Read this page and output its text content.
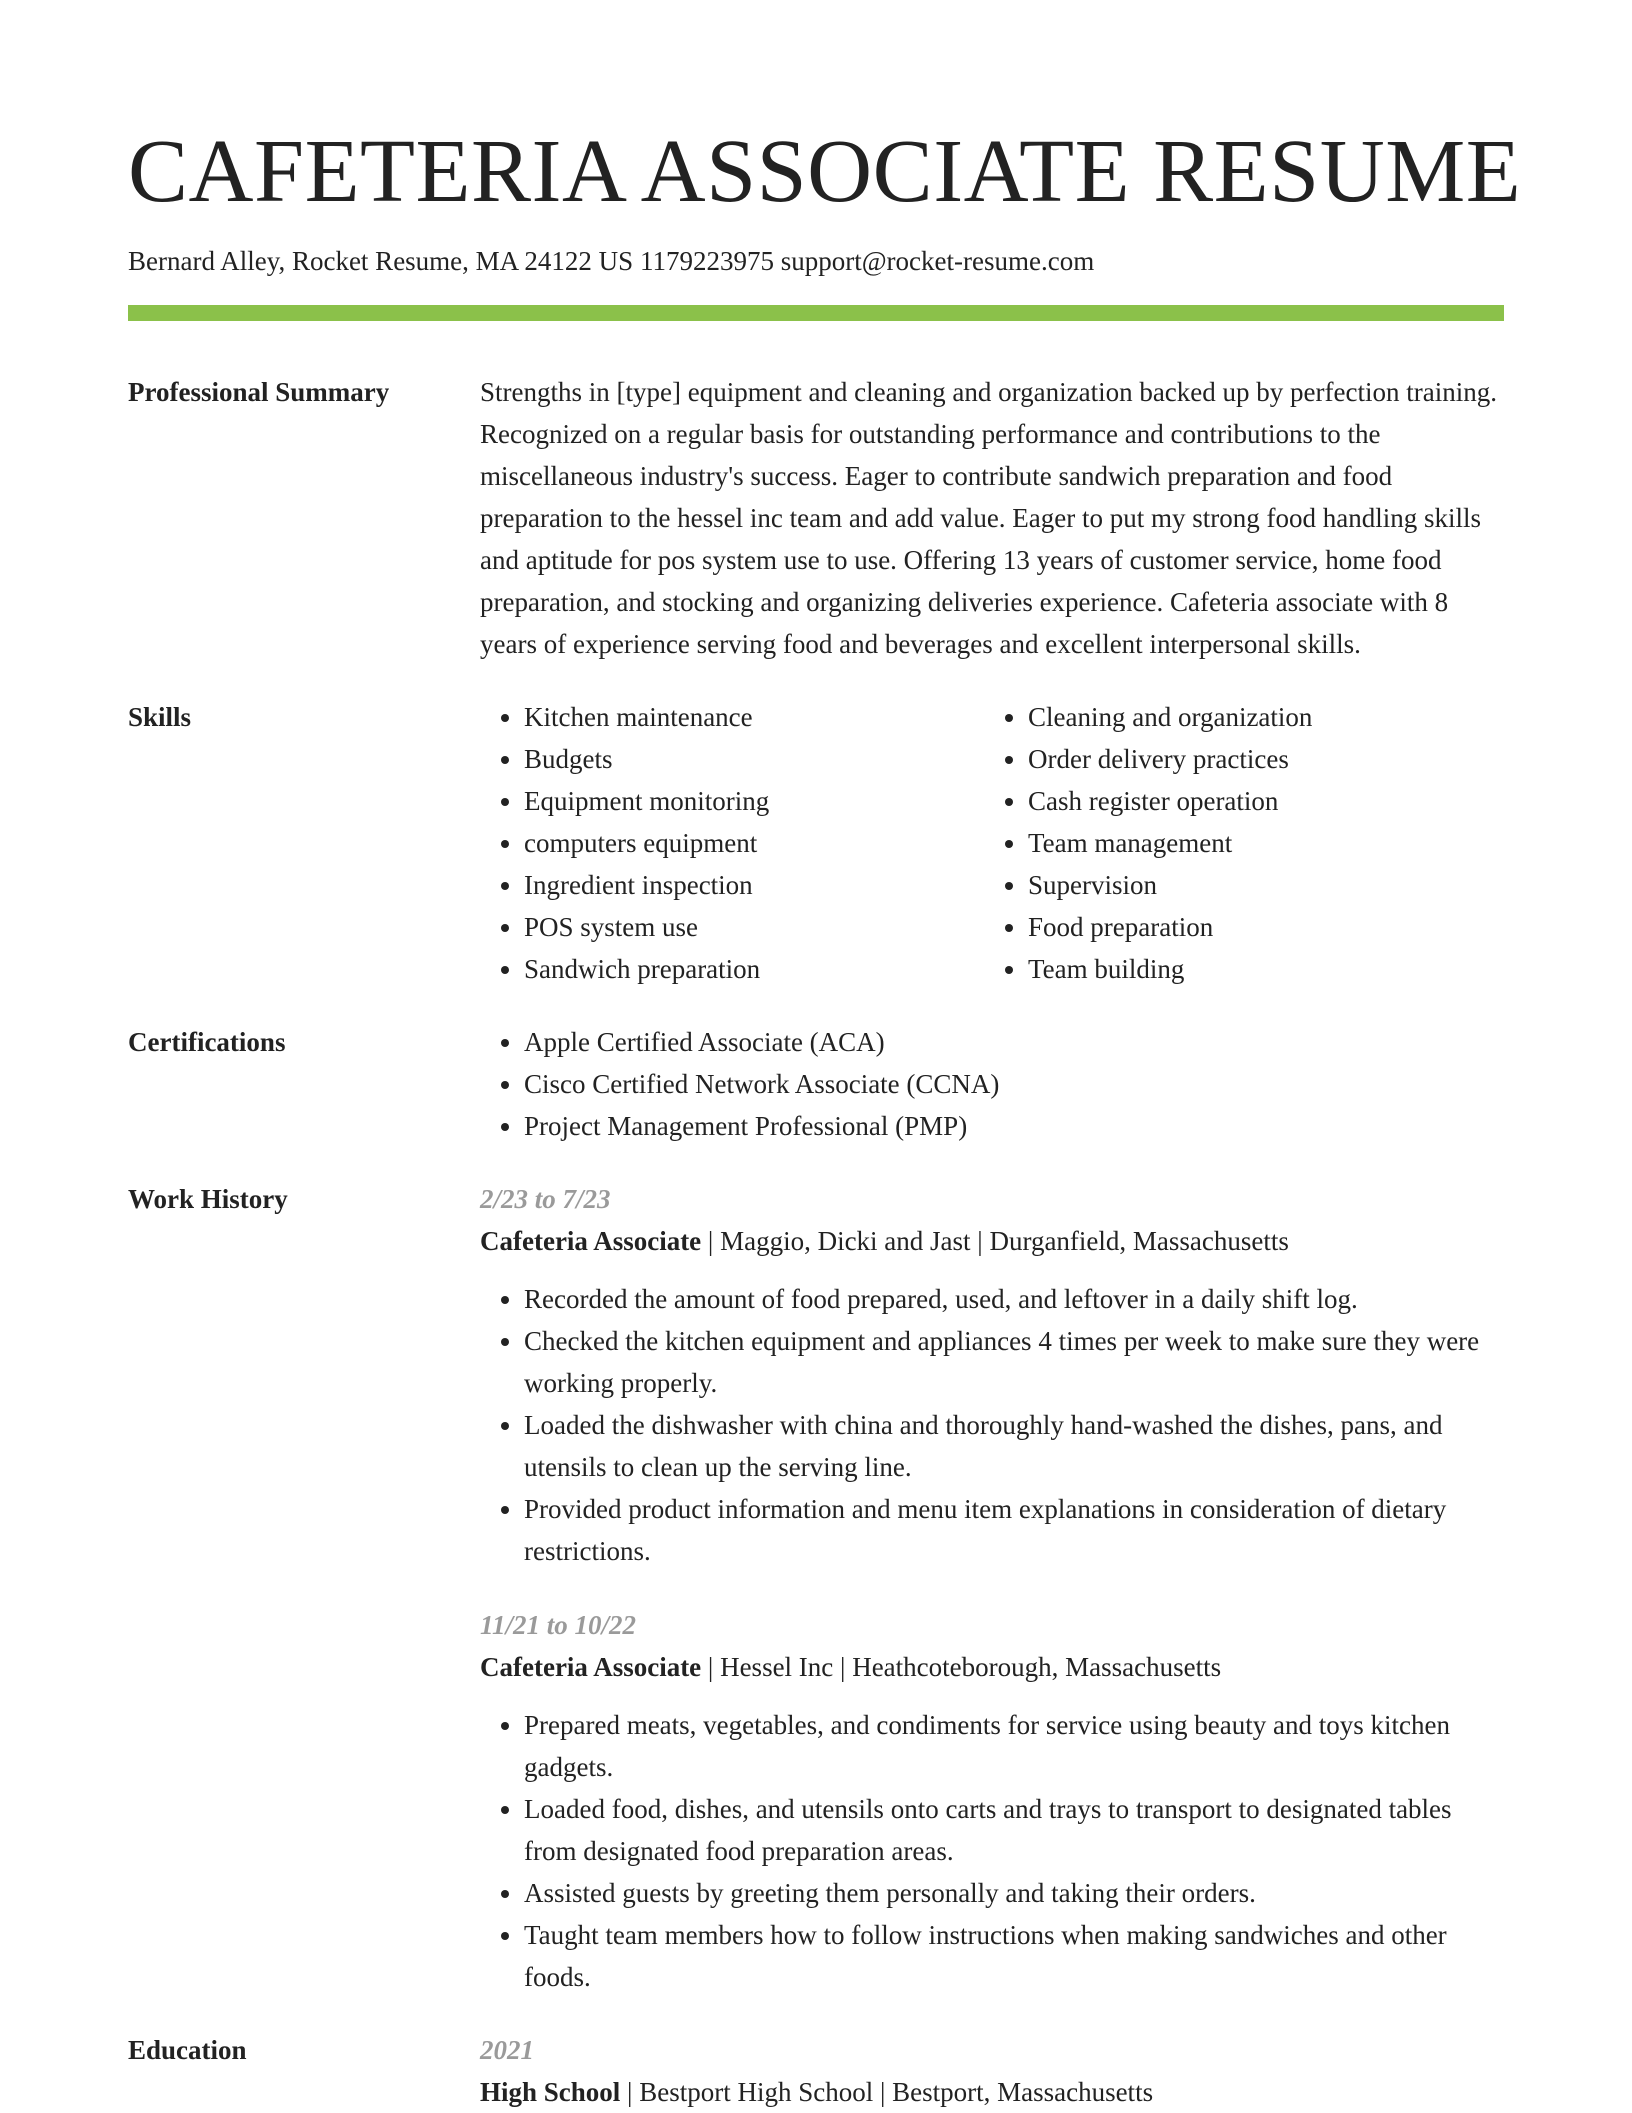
CAFETERIA ASSOCIATE RESUME
Bernard Alley, Rocket Resume, MA 24122 US 1179223975 support@rocket-resume.com
Professional Summary	Strengths in [type] equipment and cleaning and organization backed up by perfection training. Recognized on a regular basis for outstanding performance and contributions to the miscellaneous industry's success. Eager to contribute sandwich preparation and food preparation to the hessel inc team and add value. Eager to put my strong food handling skills and aptitude for pos system use to use. Offering 13 years of customer service, home food preparation, and stocking and organizing deliveries experience. Cafeteria associate with 8 years of experience serving food and beverages and excellent interpersonal skills.

Skills	• Kitchen maintenance
• Budgets
• Equipment monitoring
• computers equipment
• Ingredient inspection
• POS system use
• Sandwich preparation
• Cleaning and organization
• Order delivery practices
• Cash register operation
• Team management
• Supervision
• Food preparation
• Team building
Certifications	• Apple Certified Associate (ACA)
• Cisco Certified Network Associate (CCNA)
• Project Management Professional (PMP)
Work History	2/23 to 7/23
Cafeteria Associate | Maggio, Dicki and Jast | Durganfield, Massachusetts
• Recorded the amount of food prepared, used, and leftover in a daily shift log.
• Checked the kitchen equipment and appliances 4 times per week to make sure they were working properly.
• Loaded the dishwasher with china and thoroughly hand-washed the dishes, pans, and utensils to clean up the serving line.
• Provided product information and menu item explanations in consideration of dietary restrictions.
11/21 to 10/22
Cafeteria Associate | Hessel Inc | Heathcoteborough, Massachusetts
• Prepared meats, vegetables, and condiments for service using beauty and toys kitchen gadgets.
• Loaded food, dishes, and utensils onto carts and trays to transport to designated tables from designated food preparation areas.
• Assisted guests by greeting them personally and taking their orders.
• Taught team members how to follow instructions when making sandwiches and other foods.
Education	2021
High School | Bestport High School | Bestport, Massachusetts
